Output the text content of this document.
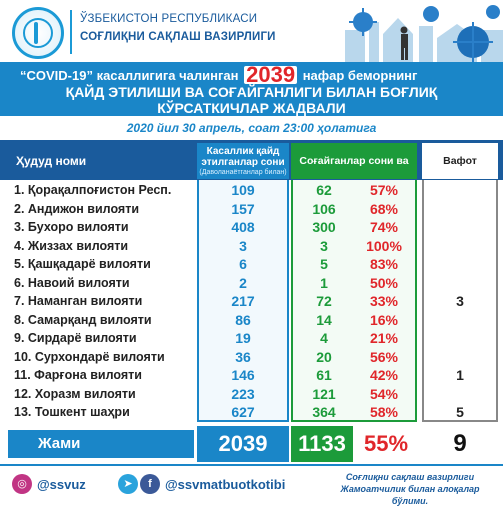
ЎЗБЕКИСТОН РЕСПУБЛИКАСИ
СОҒЛИҚНИ САҚЛАШ ВАЗИРЛИГИ
“COVID-19” касаллигига чалинган 2039 нафар беморнинг
ҚАЙД ЭТИЛИШИ ВА СОҒАЙГАНЛИГИ БИЛАН БОҒЛИҚ
КЎРСАТКИЧЛАР ЖАДВАЛИ
2020 йил 30 апрель, соат 23:00 ҳолатига
Ҳудуд номи
Касаллик қайд этилганлар сони
(Даволанаётганлар билан)
Соғайганлар сони ва	Вафот
1. Қорақалпоғистон Респ.	109	62	57%
2. Андижон вилояти	157	106	68%
3. Бухоро вилояти	408	300	74%
4. Жиззах вилояти	3	3	100%
5. Қашқадарё вилояти	6	5	83%
6. Навоий вилояти	2	1	50%
7. Наманган вилояти	217	72	33%	3
8. Самарқанд вилояти	86	14	16%
9. Сирдарё вилояти	19	4	21%
10. Сурхондарё вилояти	36	20	56%
11. Фарғона вилояти	146	61	42%	1
12. Хоразм вилояти	223	121	54%
13. Тошкент шаҳри	627	364	58%	5
Жами	2039	1133 55%	9
◎ @ssvuz	➤	f	@ssvmatbuotkotibi	Соғлиқни сақлаш вазирлиги
Жамоатчилик билан алоқалар бўлими.
